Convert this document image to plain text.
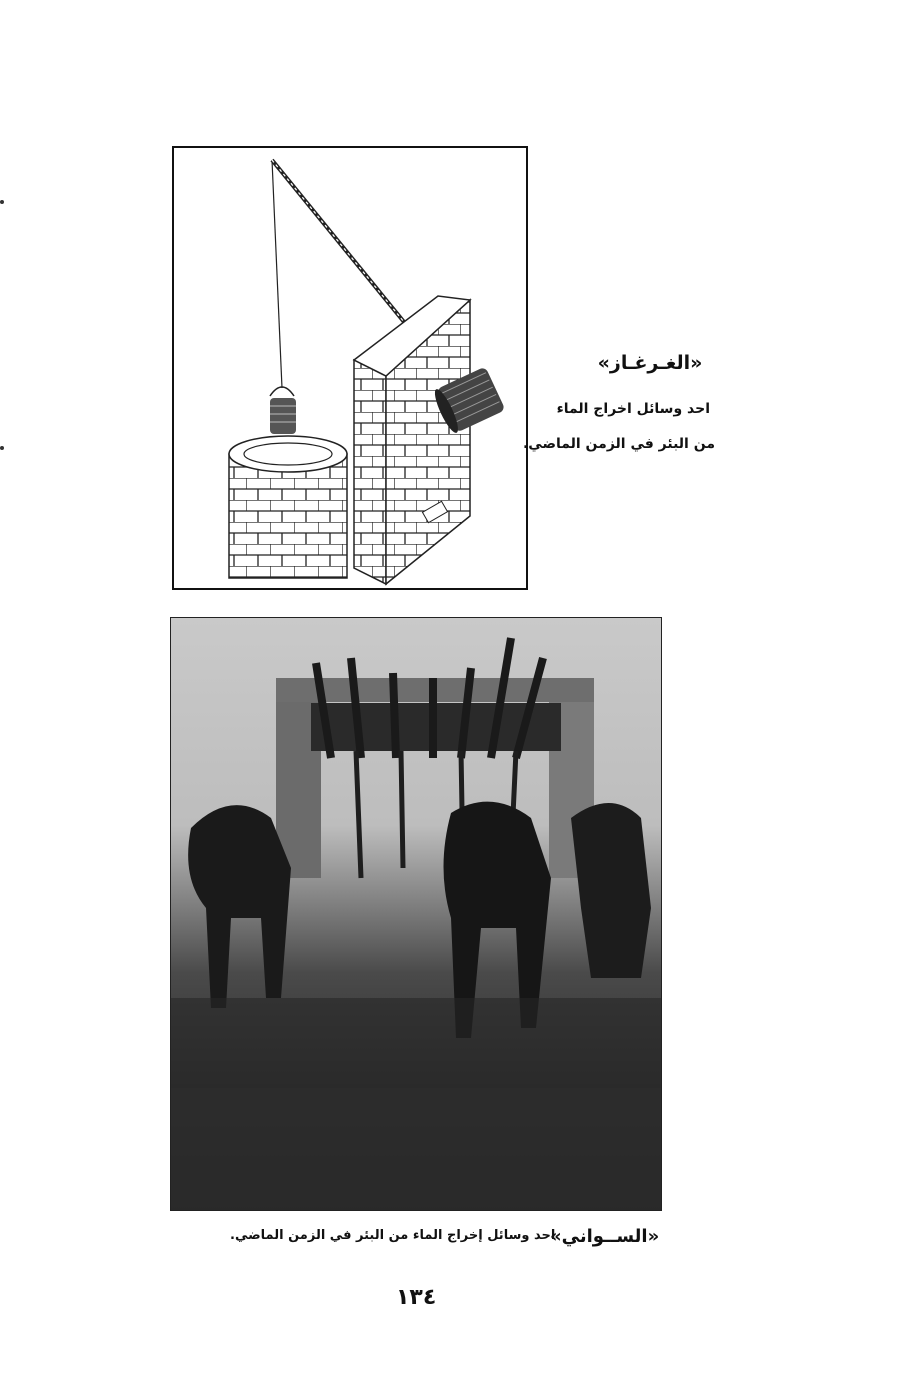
«الغـرغـاز»
احد وسائل اخراج الماء
من البئر في الزمن الماضي.
«الســواني»
احد وسائل إخراج الماء من البئر في الزمن الماضي.
١٣٤
